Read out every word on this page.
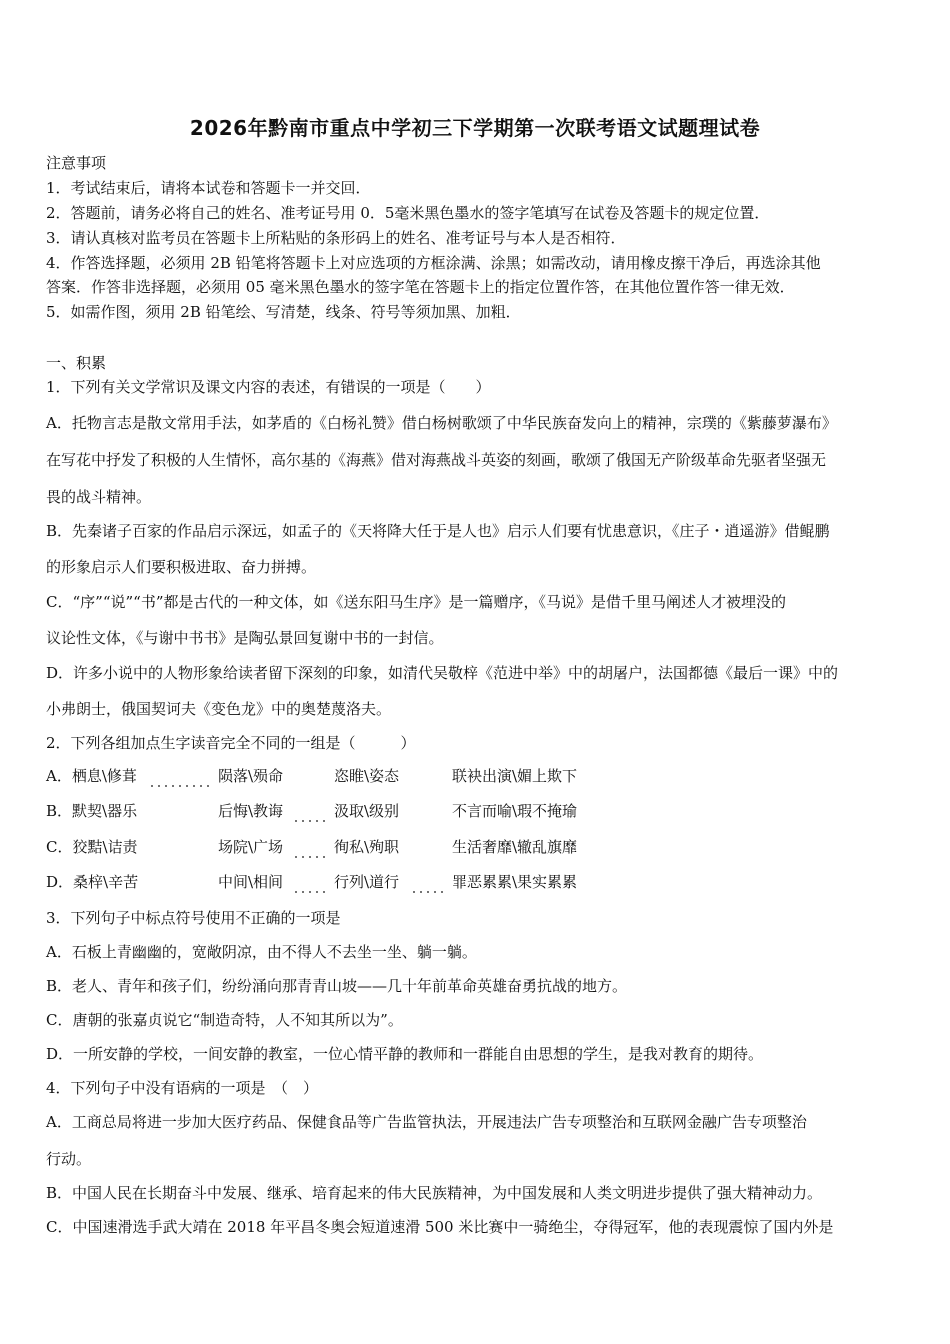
2026年黔南市重点中学初三下学期第一次联考语文试题理试卷
注意事项
1．考试结束后，请将本试卷和答题卡一并交回．
2．答题前，请务必将自己的姓名、准考证号用 0．5毫米黑色墨水的签字笔填写在试卷及答题卡的规定位置．
3．请认真核对监考员在答题卡上所粘贴的条形码上的姓名、准考证号与本人是否相符．
4．作答选择题，必须用 2B 铅笔将答题卡上对应选项的方框涂满、涂黑；如需改动，请用橡皮擦干净后，再选涂其他
答案．作答非选择题，必须用 05 毫米黑色墨水的签字笔在答题卡上的指定位置作答，在其他位置作答一律无效．
5．如需作图，须用 2B 铅笔绘、写清楚，线条、符号等须加黑、加粗．
一、积累
1．下列有关文学常识及课文内容的表述，有错误的一项是（　　）
A．托物言志是散文常用手法，如茅盾的《白杨礼赞》借白杨树歌颂了中华民族奋发向上的精神，宗璞的《紫藤萝瀑布》
在写花中抒发了积极的人生情怀，高尔基的《海燕》借对海燕战斗英姿的刻画，歌颂了俄国无产阶级革命先驱者坚强无
畏的战斗精神。
B．先秦诸子百家的作品启示深远，如孟子的《天将降大任于是人也》启示人们要有忧患意识，《庄子・逍遥游》借鲲鹏
的形象启示人们要积极进取、奋力拼搏。
C．“序”“说”“书”都是古代的一种文体，如《送东阳马生序》是一篇赠序，《马说》是借千里马阐述人才被埋没的
议论性文体，《与谢中书书》是陶弘景回复谢中书的一封信。
D．许多小说中的人物形象给读者留下深刻的印象，如清代吴敬梓《范进中举》中的胡屠户，法国都德《最后一课》中的
小弗朗士，俄国契诃夫《变色龙》中的奥楚蔑洛夫。
2．下列各组加点生字读音完全不同的一组是（　　　）
A．栖息\修葺	陨落\殒命	恣睢\姿态	联袂出演\媚上欺下
B．默契\器乐	后悔\教诲	汲取\级别	不言而喻\瑕不掩瑜
C．狡黠\诘责	场院\广场	徇私\殉职	生活奢靡\辙乱旗靡
D．桑梓\辛苦	中间\相间	行列\道行	罪恶累累\果实累累
3．下列句子中标点符号使用不正确的一项是
A．石板上青幽幽的，宽敞阴凉，由不得人不去坐一坐、躺一躺。
B．老人、青年和孩子们，纷纷涌向那青青山坡——几十年前革命英雄奋勇抗战的地方。
C．唐朝的张嘉贞说它“制造奇特，人不知其所以为”。
D．一所安静的学校，一间安静的教室，一位心情平静的教师和一群能自由思想的学生，是我对教育的期待。
4．下列句子中没有语病的一项是　（　）
A．工商总局将进一步加大医疗药品、保健食品等广告监管执法，开展违法广告专项整治和互联网金融广告专项整治
行动。
B．中国人民在长期奋斗中发展、继承、培育起来的伟大民族精神，为中国发展和人类文明进步提供了强大精神动力。
C．中国速滑选手武大靖在 2018 年平昌冬奥会短道速滑 500 米比赛中一骑绝尘，夺得冠军，他的表现震惊了国内外是
